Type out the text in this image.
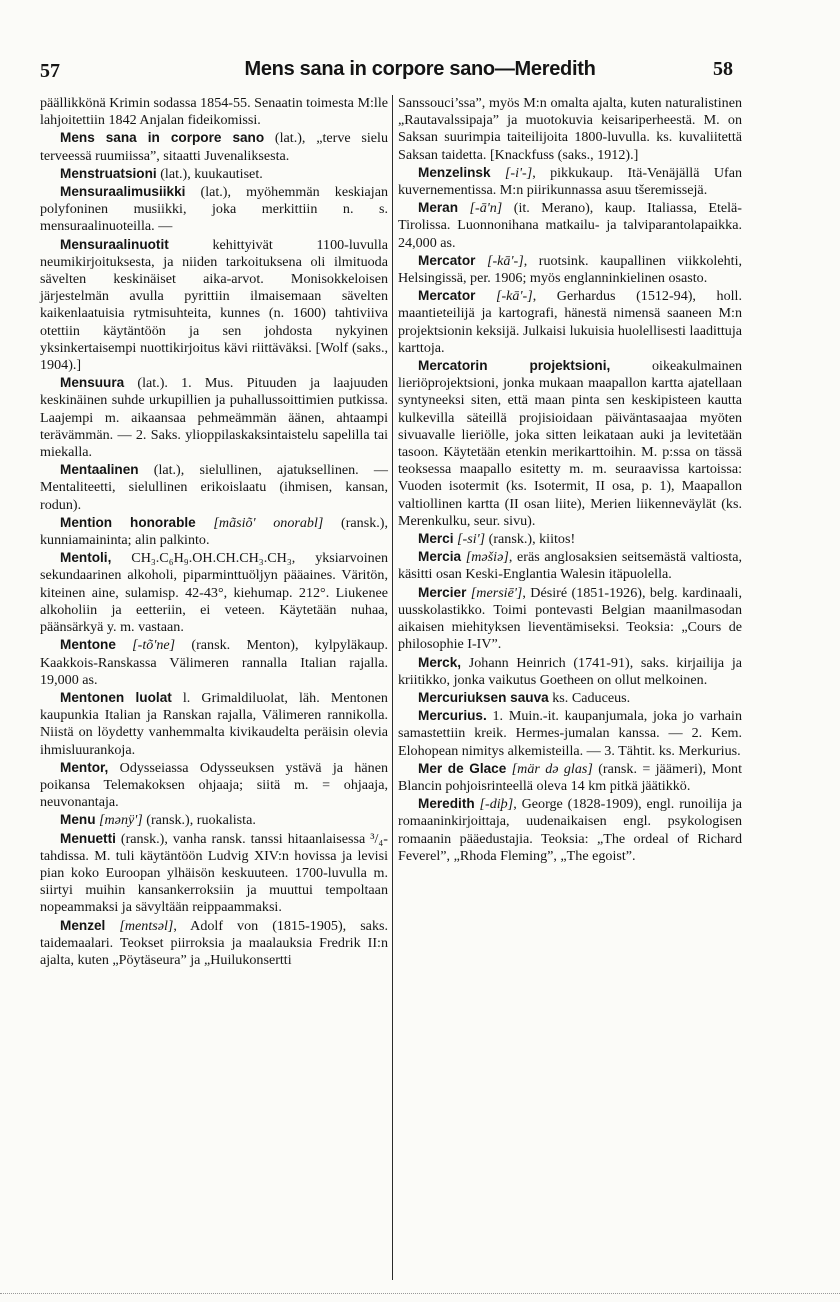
57	Mens sana in corpore sano—Meredith	58

päällikkönä Krimin sodassa 1854-55. Senaatin toimesta M:lle lahjoitettiin 1842 Anjalan fideikomissi.

Mens sana in corpore sano (lat.), „terve sielu terveessä ruumiissa”, sitaatti Juvenaliksesta.

Menstruatsioni (lat.), kuukautiset.

Mensuraalimusiikki (lat.), myöhemmän keskiajan polyfoninen musiikki, joka merkittiin n. s. mensuraalinuoteilla. —

Mensuraalinuotit kehittyivät 1100-luvulla neumikirjoituksesta, ja niiden tarkoituksena oli ilmituoda sävelten keskinäiset aika-arvot. Monisokkeloisen järjestelmän avulla pyrittiin ilmaisemaan sävelten kaikenlaatuisia rytmisuhteita, kunnes (n. 1600) tahtiviiva otettiin käytäntöön ja sen johdosta nykyinen yksinkertaisempi nuottikirjoitus kävi riittäväksi. [Wolf (saks., 1904).]

Mensuura (lat.). 1. Mus. Pituuden ja laajuuden keskinäinen suhde urkupillien ja puhallussoittimien putkissa. Laajempi m. aikaansaa pehmeämmän äänen, ahtaampi terävämmän. — 2. Saks. ylioppilaskaksintaistelu sapelilla tai miekalla.

Mentaalinen (lat.), sielullinen, ajatuksellinen. — Mentaliteetti, sielullinen erikoislaatu (ihmisen, kansan, rodun).

Mention honorable [mãsiõ' onorabl] (ransk.), kunniamaininta; alin palkinto.

Mentoli, CH₃.C₆H₉.OH.CH.CH₃.CH₃, yksiarvoinen sekundaarinen alkoholi, piparminttuöljyn pääaines. Väritön, kiteinen aine, sulamisp. 42-43°, kiehumap. 212°. Liukenee alkoholiin ja eetteriin, ei veteen. Käytetään nuhaa, päänsärkyä y. m. vastaan.

Mentone [-tõ'ne] (ransk. Menton), kylpyläkaup. Kaakkois-Ranskassa Välimeren rannalla Italian rajalla. 19,000 as.

Mentonen luolat l. Grimaldiluolat, läh. Mentonen kaupunkia Italian ja Ranskan rajalla, Välimeren rannikolla. Niistä on löydetty vanhemmalta kivikaudelta peräisin olevia ihmisluurankoja.

Mentor, Odysseiassa Odysseuksen ystävä ja hänen poikansa Telemakoksen ohjaaja; siitä m. = ohjaaja, neuvonantaja.

Menu [mənÿ'] (ransk.), ruokalista.

Menuetti (ransk.), vanha ransk. tanssi hitaanlaisessa ³/₄-tahdissa. M. tuli käytäntöön Ludvig XIV:n hovissa ja levisi pian koko Euroopan ylhäisön keskuuteen. 1700-luvulla m. siirtyi muihin kansankerroksiin ja muuttui tempoltaan nopeammaksi ja sävyltään reippaammaksi.

Menzel [mentsəl], Adolf von (1815-1905), saks. taidemaalari. Teokset piirroksia ja maalauksia Fredrik II:n ajalta, kuten „Pöytäseura” ja „Huilukonsertti

Sanssouci’ssa”, myös M:n omalta ajalta, kuten naturalistinen „Rautavalssipaja” ja muotokuvia keisariperheestä. M. on Saksan suurimpia taiteilijoita 1800-luvulla. ks. kuvaliitettä Saksan taidetta. [Knackfuss (saks., 1912).]

Menzelinsk [-i'-], pikkukaup. Itä-Venäjällä Ufan kuvernementissa. M:n piirikunnassa asuu tšeremissejä.

Meran [-ā'n] (it. Merano), kaup. Italiassa, Etelä-Tirolissa. Luonnonihana matkailu- ja talviparantolapaikka. 24,000 as.

Mercator [-kā'-], ruotsink. kaupallinen viikkolehti, Helsingissä, per. 1906; myös englanninkielinen osasto.

Mercator [-kā'-], Gerhardus (1512-94), holl. maantieteilijä ja kartografi, hänestä nimensä saaneen M:n projektsionin keksijä. Julkaisi lukuisia huolellisesti laadittuja karttoja.

Mercatorin projektsioni, oikeakulmainen lieriöprojektsioni, jonka mukaan maapallon kartta ajatellaan syntyneeksi siten, että maan pinta sen keskipisteen kautta kulkevilla säteillä projisioidaan päiväntasaajaa myöten sivuavalle lieriölle, joka sitten leikataan auki ja levitetään tasoon. Käytetään etenkin merikarttoihin. M. p:ssa on tässä teoksessa maapallo esitetty m. m. seuraavissa kartoissa: Vuoden isotermit (ks. Isotermit, II osa, p. 1), Maapallon valtiollinen kartta (II osan liite), Merien liikenneväylät (ks. Merenkulku, seur. sivu).

Merci [-si'] (ransk.), kiitos!

Mercia [məšiə], eräs anglosaksien seitsemästä valtiosta, käsitti osan Keski-Englantia Walesin itäpuolella.

Mercier [mersiē'], Désiré (1851-1926), belg. kardinaali, uusskolastikko. Toimi pontevasti Belgian maanilmasodan aikaisen miehityksen lieventämiseksi. Teoksia: „Cours de philosophie I-IV”.

Merck, Johann Heinrich (1741-91), saks. kirjailija ja kriitikko, jonka vaikutus Goetheen on ollut melkoinen.

Mercuriuksen sauva ks. Caduceus.

Mercurius. 1. Muin.-it. kaupanjumala, joka jo varhain samastettiin kreik. Hermes-jumalan kanssa. — 2. Kem. Elohopean nimitys alkemisteilla. — 3. Tähtit. ks. Merkurius.

Mer de Glace [mär də glas] (ransk. = jäämeri), Mont Blancin pohjoisrinteellä oleva 14 km pitkä jäätikkö.

Meredith [-diþ], George (1828-1909), engl. runoilija ja romaaninkirjoittaja, uudenaikaisen engl. psykologisen romaanin pääedustajia. Teoksia: „The ordeal of Richard Feverel”, „Rhoda Fleming”, „The egoist”.
